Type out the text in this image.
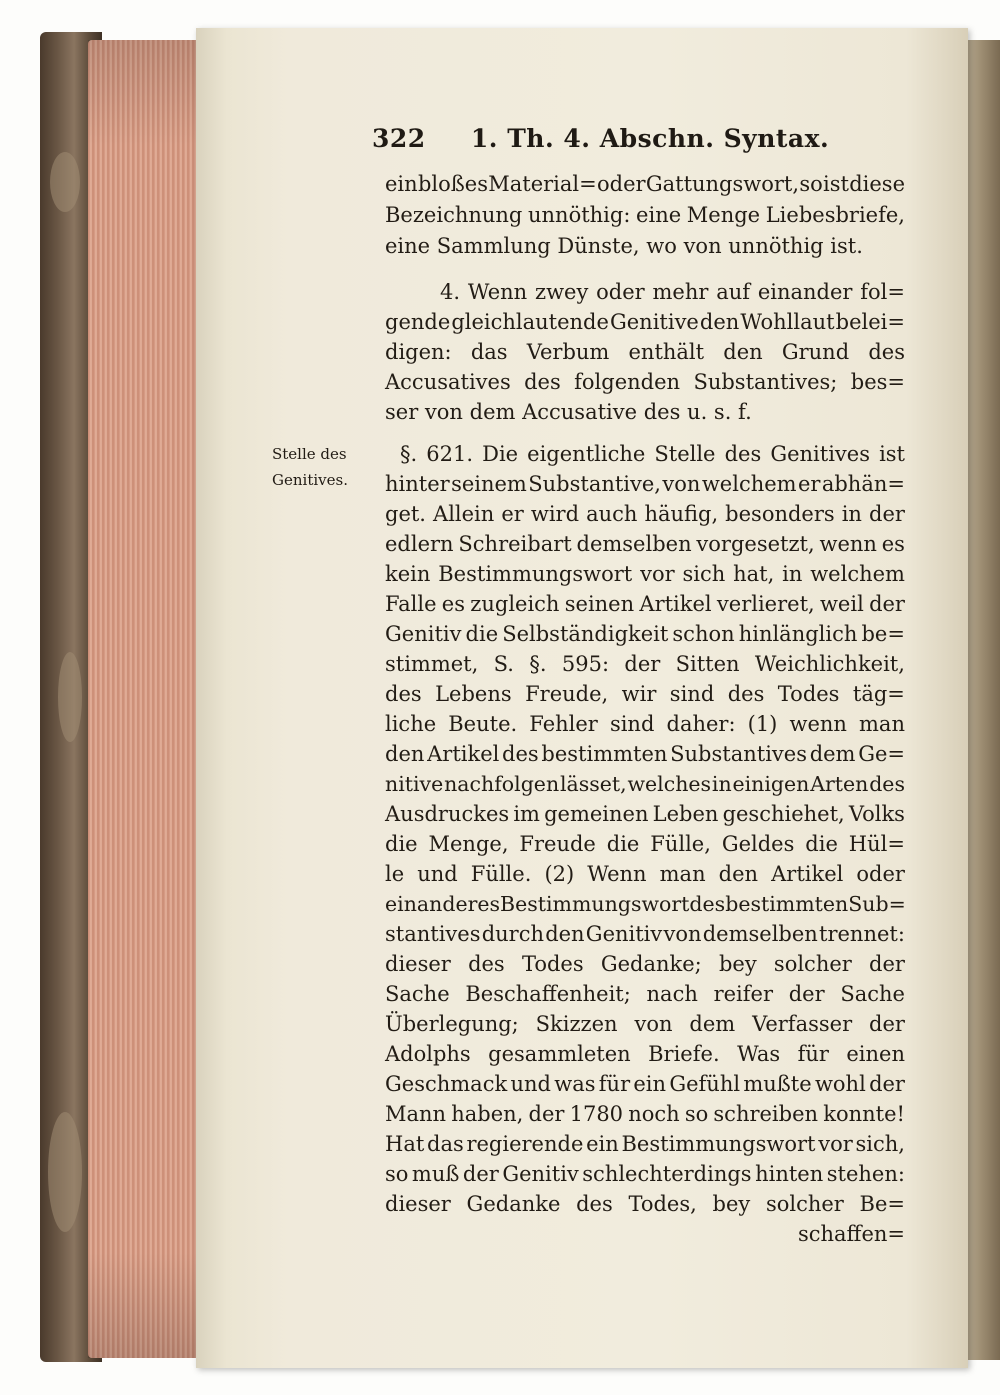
322 1. Th. 4. Abschn. Syntax.
ein bloßes Material= oder Gattungswort, so ist diese
Bezeichnung unnöthig: eine Menge Liebesbriefe,
eine Sammlung Dünste, wo von unnöthig ist.
4. Wenn zwey oder mehr auf einander fol=
gende gleichlautende Genitive den Wohllaut belei=
digen: das Verbum enthält den Grund des
Accusatives des folgenden Substantives; bes=
ser von dem Accusative des u. s. f.
Stelle des
Genitives.
§. 621. Die eigentliche Stelle des Genitives ist
hinter seinem Substantive, von welchem er abhän=
get. Allein er wird auch häufig, besonders in der
edlern Schreibart demselben vorgesetzt, wenn es
kein Bestimmungswort vor sich hat, in welchem
Falle es zugleich seinen Artikel verlieret, weil der
Genitiv die Selbständigkeit schon hinlänglich be=
stimmet, S. §. 595: der Sitten Weichlichkeit,
des Lebens Freude, wir sind des Todes täg=
liche Beute. Fehler sind daher: (1) wenn man
den Artikel des bestimmten Substantives dem Ge=
nitive nachfolgen lässet, welches in einigen Arten des
Ausdruckes im gemeinen Leben geschiehet, Volks
die Menge, Freude die Fülle, Geldes die Hül=
le und Fülle. (2) Wenn man den Artikel oder
ein anderes Bestimmungswort des bestimmten Sub=
stantives durch den Genitiv von demselben trennet:
dieser des Todes Gedanke; bey solcher der
Sache Beschaffenheit; nach reifer der Sache
Überlegung; Skizzen von dem Verfasser der
Adolphs gesammleten Briefe. Was für einen
Geschmack und was für ein Gefühl mußte wohl der
Mann haben, der 1780 noch so schreiben konnte!
Hat das regierende ein Bestimmungswort vor sich,
so muß der Genitiv schlechterdings hinten stehen:
dieser Gedanke des Todes, bey solcher Be=
schaffen=
